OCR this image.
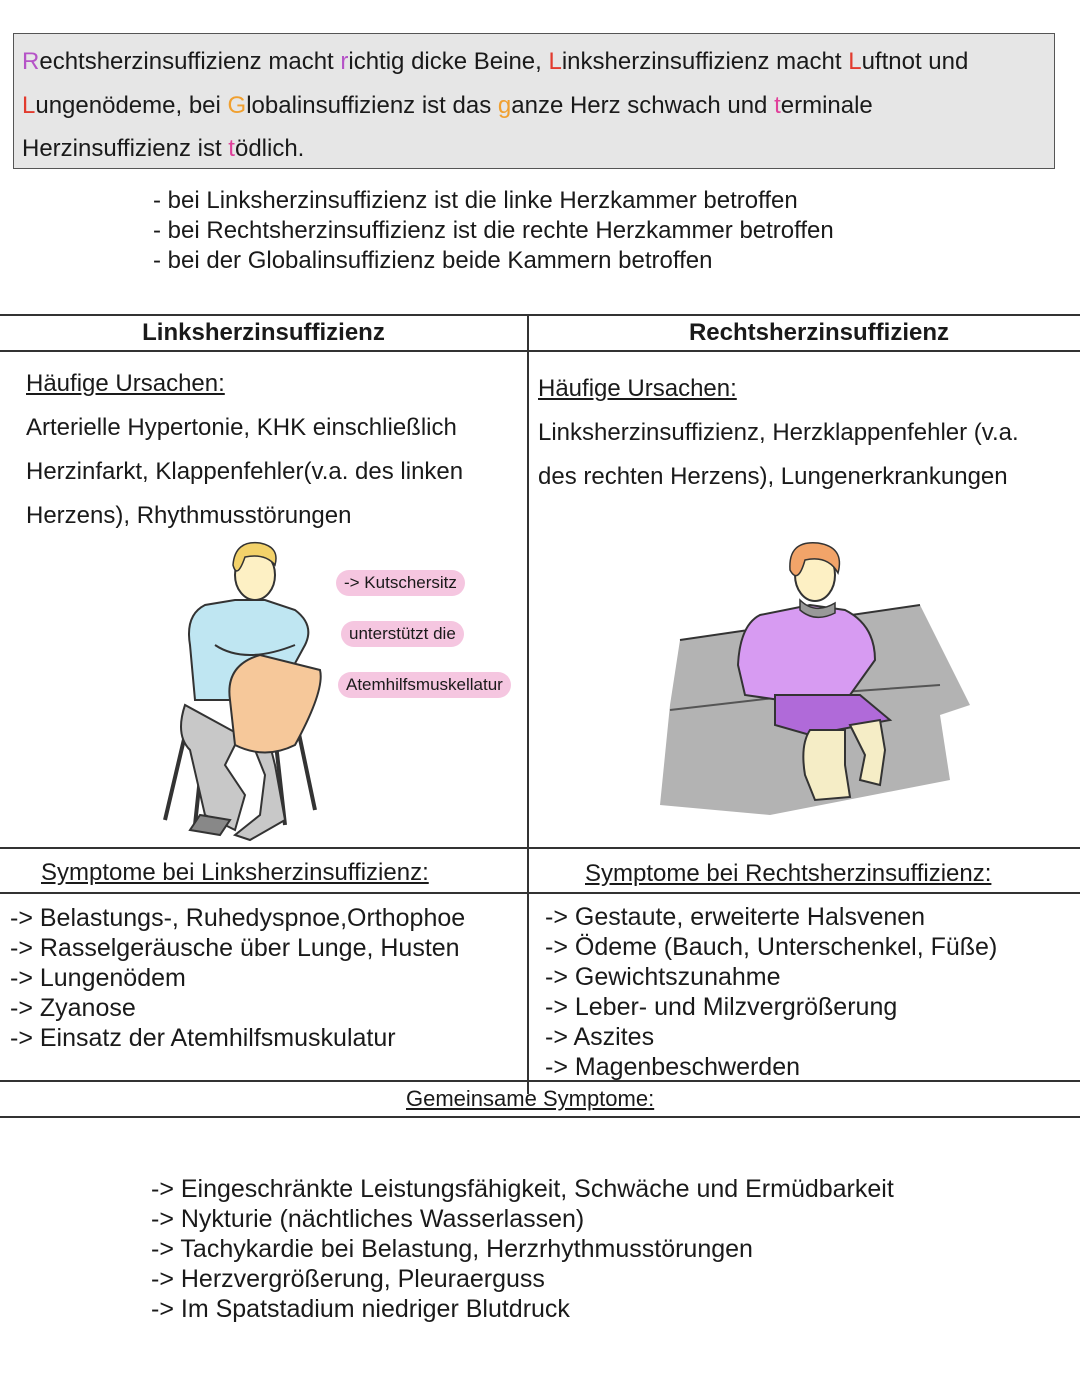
Rechtsherzinsuffizienz macht richtig dicke Beine, Linksherzinsuffizienz macht Luftnot und
Lungenödeme, bei Globalinsuffizienz ist das ganze Herz schwach und terminale
Herzinsuffizienz ist tödlich.
- bei Linksherzinsuffizienz ist die linke Herzkammer betroffen
- bei Rechtsherzinsuffizienz ist die rechte Herzkammer betroffen
- bei der Globalinsuffizienz beide Kammern betroffen
Linksherzinsuffizienz	Rechtsherzinsuffizienz
Häufige Ursachen:
Arterielle Hypertonie, KHK einschließlich
Herzinfarkt, Klappenfehler(v.a. des linken
Herzens), Rhythmusstörungen
Häufige Ursachen:
Linksherzinsuffizienz, Herzklappenfehler (v.a.
des rechten Herzens), Lungenerkrankungen
-> Kutschersitz
unterstützt die
Atemhilfsmuskellatur
Symptome bei Linksherzinsuffizienz:	Symptome bei Rechtsherzinsuffizienz:
-> Belastungs-, Ruhedyspnoe,Orthophoe
-> Rasselgeräusche über Lunge, Husten
-> Lungenödem
-> Zyanose
-> Einsatz der Atemhilfsmuskulatur
-> Gestaute, erweiterte Halsvenen
-> Ödeme (Bauch, Unterschenkel, Füße)
-> Gewichtszunahme
-> Leber- und Milzvergrößerung
-> Aszites
-> Magenbeschwerden
Gemeinsame Symptome:
-> Eingeschränkte Leistungsfähigkeit, Schwäche und Ermüdbarkeit
-> Nykturie (nächtliches Wasserlassen)
-> Tachykardie bei Belastung, Herzrhythmusstörungen
-> Herzvergrößerung, Pleuraerguss
-> Im Spatstadium niedriger Blutdruck
